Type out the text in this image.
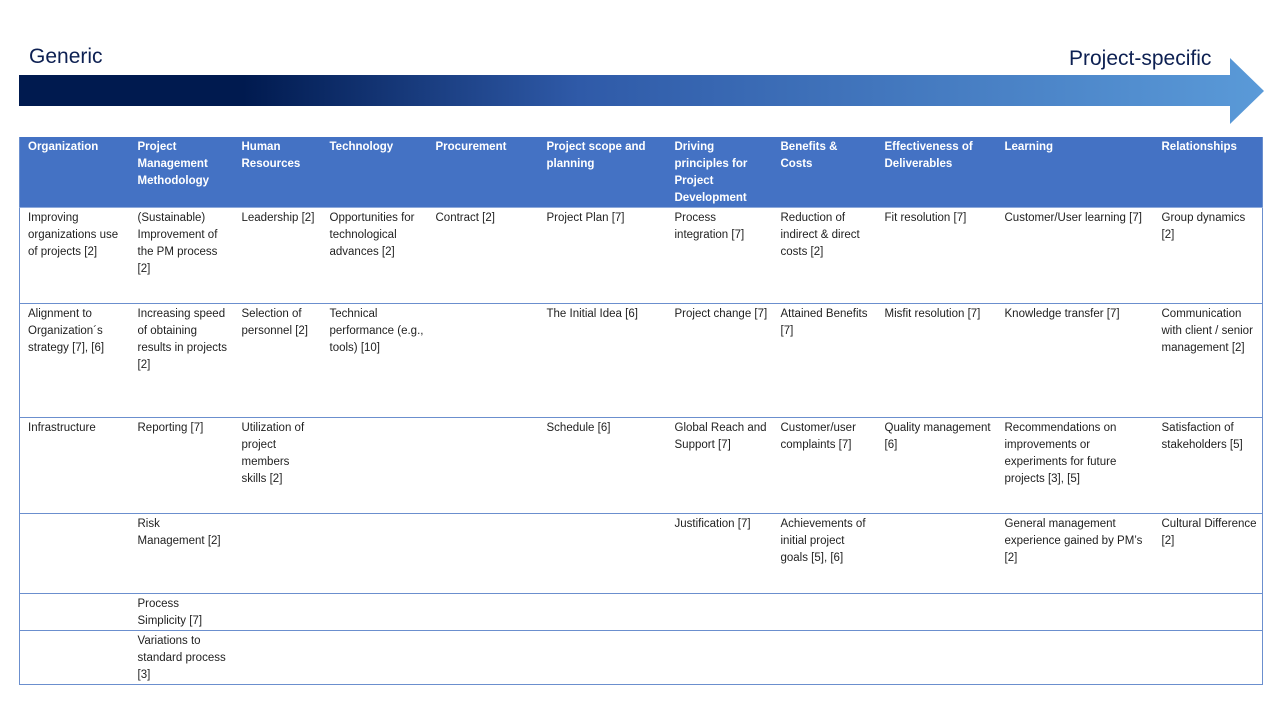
Generic	Project-specific
Organization	Project Management Methodology	Human Resources	Technology	Procurement	Project scope and planning	Driving principles for Project Development	Benefits & Costs	Effectiveness of Deliverables	Learning	Relationships
Improving organizations use of projects [2]	(Sustainable) Improvement of the PM process [2]	Leadership [2]	Opportunities for technological advances [2]	Contract [2]	Project Plan [7]	Process integration [7]	Reduction of indirect & direct costs [2]	Fit resolution [7]	Customer/User learning [7]	Group dynamics [2]
Alignment to Organization´s strategy [7], [6]	Increasing speed of obtaining results in projects [2]	Selection of personnel [2]	Technical performance (e.g., tools) [10]		The Initial Idea [6]	Project change [7]	Attained Benefits [7]	Misfit resolution [7]	Knowledge transfer [7]	Communication with client / senior management [2]
Infrastructure	Reporting [7]	Utilization of project members skills [2]			Schedule [6]	Global Reach and Support [7]	Customer/user complaints [7]	Quality management [6]	Recommendations on improvements or experiments for future projects [3], [5]	Satisfaction of stakeholders [5]
	Risk Management [2]					Justification [7]	Achievements of initial project goals [5], [6]		General management experience gained by PM’s [2]	Cultural Difference [2]
	Process Simplicity [7]									
	Variations to standard process [3]									
